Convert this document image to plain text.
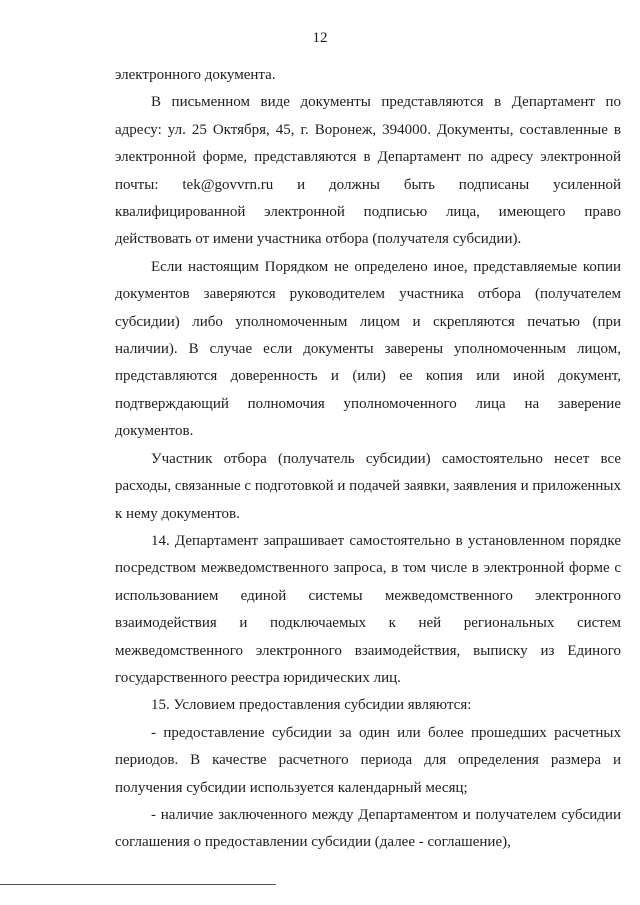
12

электронного документа.

В письменном виде документы представляются в Департамент по адресу: ул. 25 Октября, 45, г. Воронеж, 394000. Документы, составленные в электронной форме, представляются в Департамент по адресу электронной почты: tek@govvrn.ru и должны быть подписаны усиленной квалифицированной электронной подписью лица, имеющего право действовать от имени участника отбора (получателя субсидии).

Если настоящим Порядком не определено иное, представляемые копии документов заверяются руководителем участника отбора (получателем субсидии) либо уполномоченным лицом и скрепляются печатью (при наличии). В случае если документы заверены уполномоченным лицом, представляются доверенность и (или) ее копия или иной документ, подтверждающий полномочия уполномоченного лица на заверение документов.

Участник отбора (получатель субсидии) самостоятельно несет все расходы, связанные с подготовкой и подачей заявки, заявления и приложенных к нему документов.

14. Департамент запрашивает самостоятельно в установленном порядке посредством межведомственного запроса, в том числе в электронной форме с использованием единой системы межведомственного электронного взаимодействия и подключаемых к ней региональных систем межведомственного электронного взаимодействия, выписку из Единого государственного реестра юридических лиц.

15. Условием предоставления субсидии являются:

- предоставление субсидии за один или более прошедших расчетных периодов. В качестве расчетного периода для определения размера и получения субсидии используется календарный месяц;

- наличие заключенного между Департаментом и получателем субсидии соглашения о предоставлении субсидии (далее - соглашение),
